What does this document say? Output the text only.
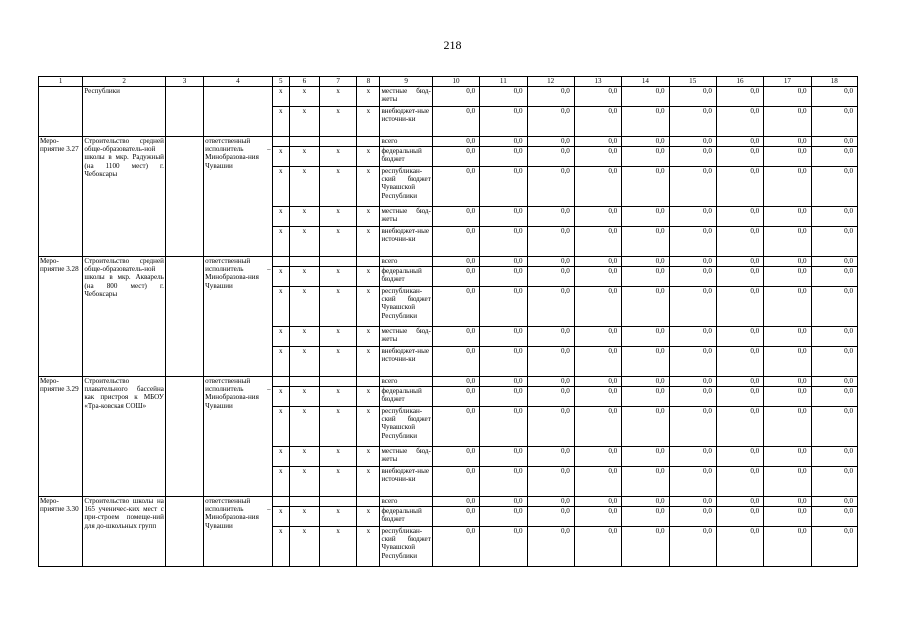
218
1	2	3	4	5	6	7	8	9	10	11	12	13	14	15	16	17	18
	Республики			x	x	x	x	местные бюд-жеты	0,0	0,0	0,0	0,0	0,0	0,0	0,0	0,0	0,0
				x	x	x	x	внебюджет-ные источни-ки	0,0	0,0	0,0	0,0	0,0	0,0	0,0	0,0	0,0
Меро-приятие 3.27	Строительство средней обще-образователь-ной школы в мкр. Радужный (на 1100 мест) г. Чебоксары		ответственный исполнитель – Минобразова-ния Чувашии					всего	0,0	0,0	0,0	0,0	0,0	0,0	0,0	0,0	0,0
				x	x	x	x	федеральный бюджет	0,0	0,0	0,0	0,0	0,0	0,0	0,0	0,0	0,0
				x	x	x	x	республикан-ский бюджет Чувашской Республики	0,0	0,0	0,0	0,0	0,0	0,0	0,0	0,0	0,0
				x	x	x	x	местные бюд-жеты	0,0	0,0	0,0	0,0	0,0	0,0	0,0	0,0	0,0
				x	x	x	x	внебюджет-ные источни-ки	0,0	0,0	0,0	0,0	0,0	0,0	0,0	0,0	0,0
Меро-приятие 3.28	Строительство средней обще-образователь-ной школы в мкр. Акварель (на 800 мест) г. Чебоксары		ответственный исполнитель – Минобразова-ния Чувашии					всего	0,0	0,0	0,0	0,0	0,0	0,0	0,0	0,0	0,0
				x	x	x	x	федеральный бюджет	0,0	0,0	0,0	0,0	0,0	0,0	0,0	0,0	0,0
				x	x	x	x	республикан-ский бюджет Чувашской Республики	0,0	0,0	0,0	0,0	0,0	0,0	0,0	0,0	0,0
				x	x	x	x	местные бюд-жеты	0,0	0,0	0,0	0,0	0,0	0,0	0,0	0,0	0,0
				x	x	x	x	внебюджет-ные источни-ки	0,0	0,0	0,0	0,0	0,0	0,0	0,0	0,0	0,0
Меро-приятие 3.29	Строительство плавательного бассейна как пристроя к МБОУ «Тра-ковская СОШ»		ответственный исполнитель – Минобразова-ния Чувашии					всего	0,0	0,0	0,0	0,0	0,0	0,0	0,0	0,0	0,0
				x	x	x	x	федеральный бюджет	0,0	0,0	0,0	0,0	0,0	0,0	0,0	0,0	0,0
				x	x	x	x	республикан-ский бюджет Чувашской Республики	0,0	0,0	0,0	0,0	0,0	0,0	0,0	0,0	0,0
				x	x	x	x	местные бюд-жеты	0,0	0,0	0,0	0,0	0,0	0,0	0,0	0,0	0,0
				x	x	x	x	внебюджет-ные источни-ки	0,0	0,0	0,0	0,0	0,0	0,0	0,0	0,0	0,0
Меро-приятие 3.30	Строительство школы на 165 ученичес-ких мест с при-строем помеще-ний для до-школьных групп		ответственный исполнитель – Минобразова-ния Чувашии					всего	0,0	0,0	0,0	0,0	0,0	0,0	0,0	0,0	0,0
				x	x	x	x	федеральный бюджет	0,0	0,0	0,0	0,0	0,0	0,0	0,0	0,0	0,0
				x	x	x	x	республикан-ский бюджет Чувашской Республики	0,0	0,0	0,0	0,0	0,0	0,0	0,0	0,0	0,0
